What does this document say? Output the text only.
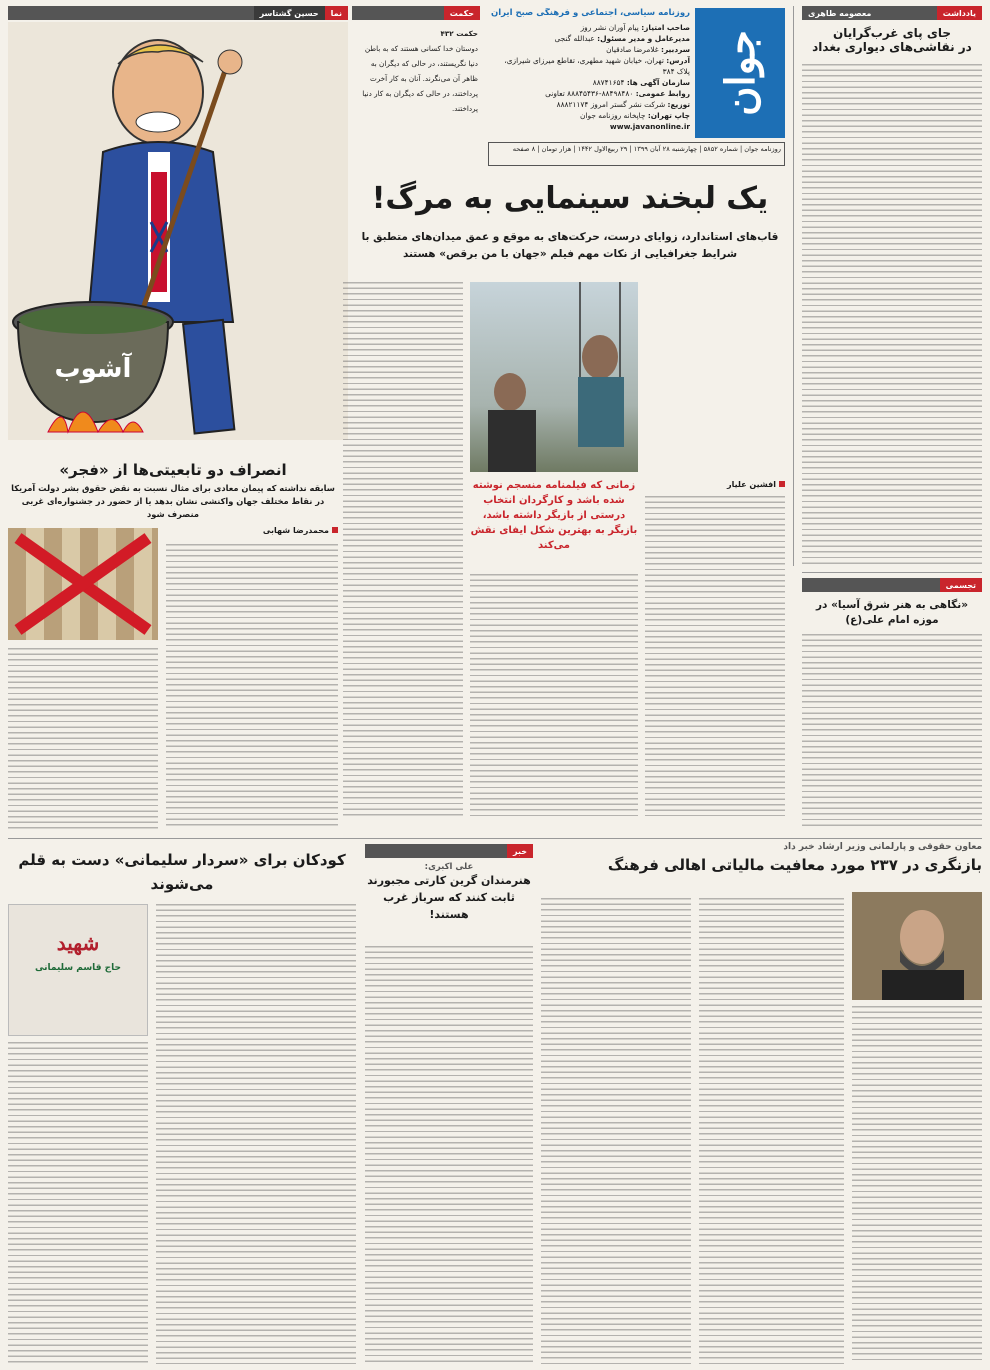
یادداشت
معصومه طاهری
جای پای غرب‌گرایان
در نقاشی‌های دیواری بغداد
جوان

روزنامه سیاسی، اجتماعی و فرهنگی صبح ایران

صاحب امتیاز: پیام آوران نشر روز

مدیرعامل و مدیر مسئول: عبدالله گنجی

سردبیر: غلامرضا صادقیان

آدرس: تهران، خیابان شهید مطهری، تقاطع میرزای شیرازی، پلاک ۳۸۴

سازمان آگهی ها: ۸۸۷۴۱۶۵۴

روابط عمومی: ۸۸۴۹۸۴۸۰-۸۸۸۴۵۴۳۶ تعاونی

توزیع: شرکت نشر گستر امروز ۸۸۸۲۱۱۷۴

چاپ تهران: چاپخانه روزنامه جوان

www.javanonline.ir

روزنامه جوان | شماره ۵۸۵۲ | چهارشنبه ۲۸ آبان ۱۳۹۹ | ۲۹ ربیع‌الاول ۱۴۴۲ | هزار تومان | ۸ صفحه
حکمت

حکمت ۴۳۲

دوستان خدا کسانی هستند که به باطن دنیا نگریستند، در حالی که دیگران به ظاهر آن می‌نگرند. آنان به کار آخرت پرداختند، در حالی که دیگران به کار دنیا پرداختند.

نما
حسین گشتاسر
آشوب
یک لبخند سینمایی به مرگ!

قاب‌های استاندارد، زوایای درست، حرکت‌های به موقع و عمق میدان‌های متطبق با شرایط جغرافیایی از نکات مهم فیلم «جهان با من برقص» هستند

افشین علیار

زمانی که فیلمنامه منسجم نوشته شده باشد و کارگردان انتخاب درستی از بازیگر داشته باشد، بازیگر به بهترین شکل ایفای نقش می‌کند

انصراف دو تابعیتی‌ها از «فجر»

سابقه نداشته که پیمان معادی برای مثال نسبت به نقض حقوق بشر دولت آمریکا در نقاط مختلف جهان واکنشی نشان بدهد یا از حضور در جشنواره‌ای غربی منصرف شود

محمدرضا شهابی
تجسمی
«نگاهی به هنر شرق آسیا» در موزه امام علی(ع)

معاون حقوقی و پارلمانی وزیر ارشاد خبر داد

بازنگری در ۲۳۷ مورد معافیت مالیاتی اهالی فرهنگ
خبر

علی اکبری:

هنرمندان گرین کارتی مجبورند ثابت کنند که سرباز غرب هستند!
کودکان برای «سردار سلیمانی» دست به قلم می‌شوند

شهید

حاج قاسم سلیمانی
